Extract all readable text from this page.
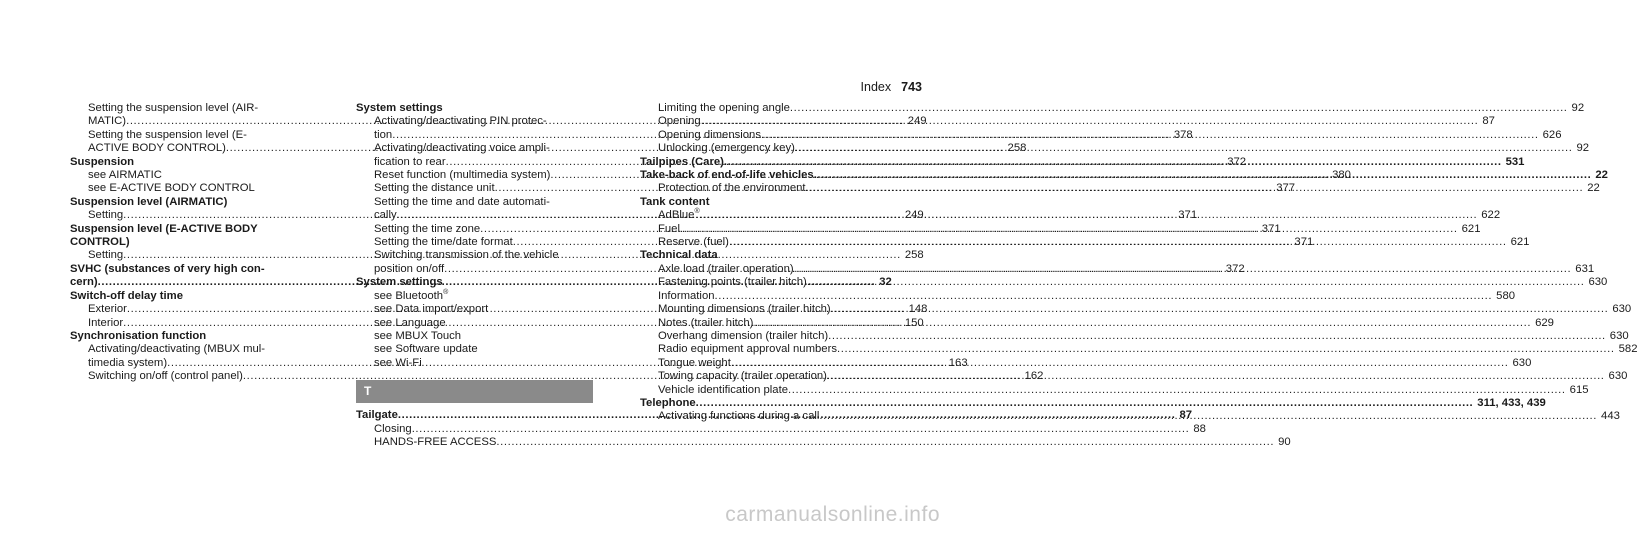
Index 743
Setting the suspension level (AIR-
MATIC) .....	249
Setting the suspension level (E-
ACTIVE BODY CONTROL) .....	258
Suspension
see AIRMATIC
see E-ACTIVE BODY CONTROL
Suspension level (AIRMATIC)
Setting .....	249
Suspension level (E-ACTIVE BODY
CONTROL)
Setting .....	258
SVHC (substances of very high con-
cern) .....	32
Switch-off delay time
Exterior .....	148
Interior .....	150
Synchronisation function
Activating/deactivating (MBUX mul-
timedia system) .....	163
Switching on/off (control panel) .....	162
System settings
Activating/deactivating PIN protec-
tion .....	378
Activating/deactivating voice ampli-
fication to rear .....	372
Reset function (multimedia system) .....	380
Setting the distance unit .....	377
Setting the time and date automati-
cally .....	371
Setting the time zone .....	371
Setting the time/date format .....	371
Switching transmission of the vehicle
position on/off .....	372
System settings
see Bluetooth®
see Data import/export
see Language
see MBUX Touch
see Software update
see Wi-Fi
T
Tailgate .....	87
Closing .....	88
HANDS-FREE ACCESS .....	90
Limiting the opening angle .....	92
Opening .....	87
Opening dimensions .....	626
Unlocking (emergency key) .....	92
Tailpipes (Care) .....	531
Take-back of end-of-life vehicles .....	22
Protection of the environment .....	22
Tank content
AdBlue® .....	622
Fuel .....	621
Reserve (fuel) .....	621
Technical data
Axle load (trailer operation) .....	631
Fastening points (trailer hitch) .....	630
Information .....	580
Mounting dimensions (trailer hitch) .....	630
Notes (trailer hitch) .....	629
Overhang dimension (trailer hitch) .....	630
Radio equipment approval numbers .....	582
Tongue weight .....	630
Towing capacity (trailer operation) .....	630
Vehicle identification plate .....	615
Telephone .....	311, 433, 439
Activating functions during a call .....	443
carmanualsonline.info
